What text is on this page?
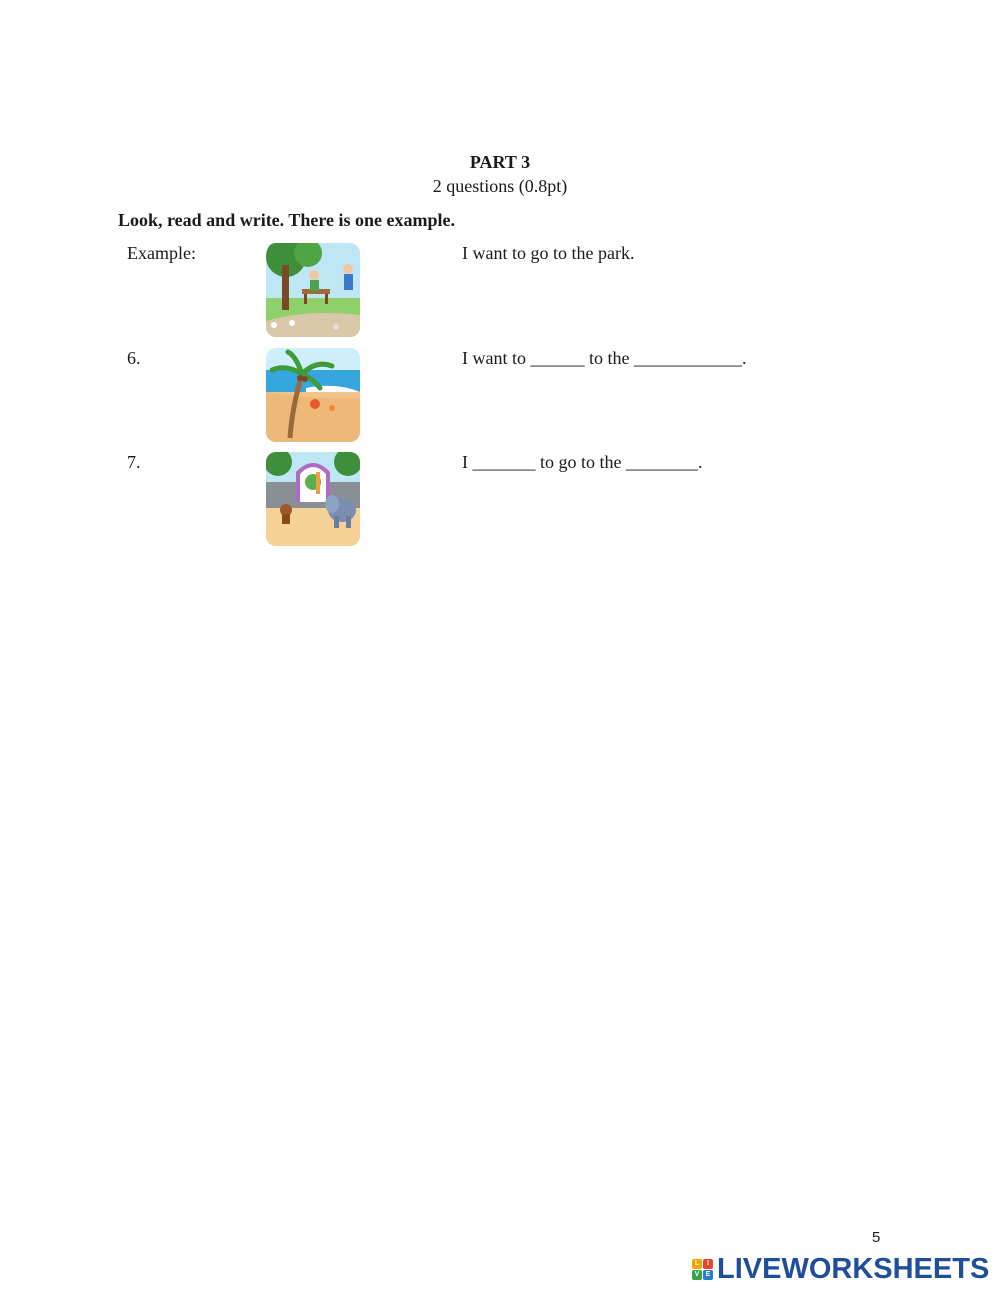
PART 3
2 questions (0.8pt)
Look, read and write. There is one example.
Example:	I want to go to the park.
6.	I want to ______ to the ____________.
7.	I _______ to go to the ________.
5
L	I
V E LIVEWORKSHEETS
